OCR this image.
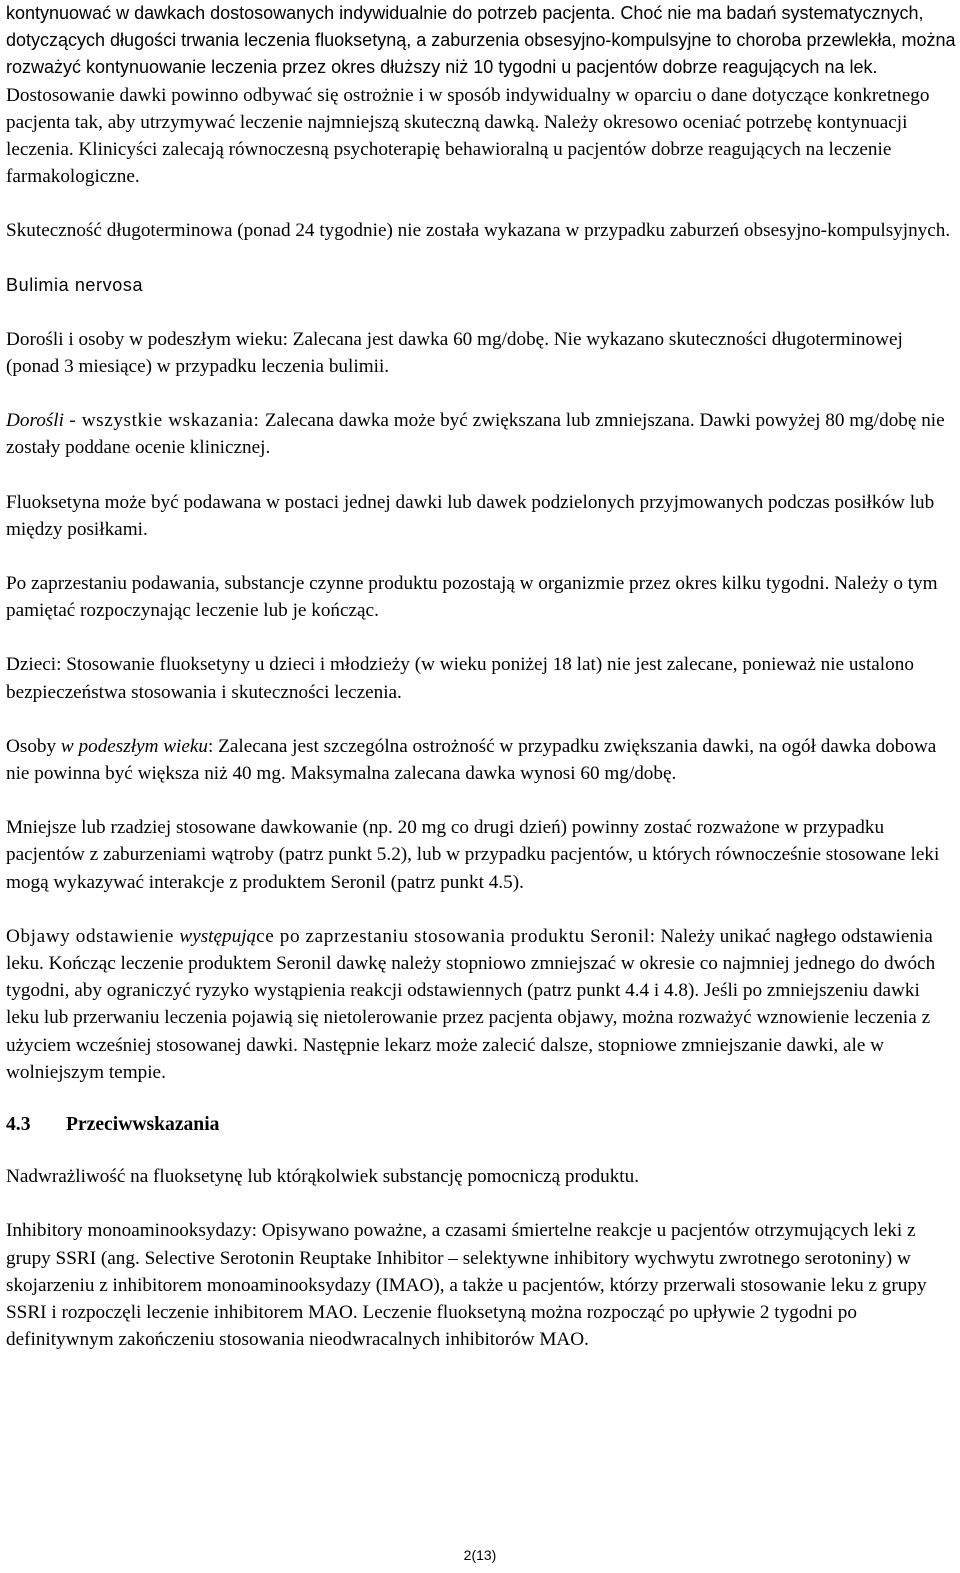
kontynuować w dawkach dostosowanych indywidualnie do potrzeb pacjenta. Choć nie ma badań systematycznych, dotyczących długości trwania leczenia fluoksetyną, a zaburzenia obsesyjno-kompulsyjne to choroba przewlekła, można rozważyć kontynuowanie leczenia przez okres dłuższy niż 10 tygodni u pacjentów dobrze reagujących na lek. Dostosowanie dawki powinno odbywać się ostrożnie i w sposób indywidualny w oparciu o dane dotyczące konkretnego pacjenta tak, aby utrzymywać leczenie najmniejszą skuteczną dawką. Należy okresowo oceniać potrzebę kontynuacji leczenia. Klinicyści zalecają równoczesną psychoterapię behawioralną u pacjentów dobrze reagujących na leczenie farmakologiczne.

Skuteczność długoterminowa (ponad 24 tygodnie) nie została wykazana w przypadku zaburzeń obsesyjno-kompulsyjnych.

Bulimia nervosa

Dorośli i osoby w podeszłym wieku: Zalecana jest dawka 60 mg/dobę. Nie wykazano skuteczności długoterminowej (ponad 3 miesiące) w przypadku leczenia bulimii.

Dorośli - wszystkie wskazania: Zalecana dawka może być zwiększana lub zmniejszana. Dawki powyżej 80 mg/dobę nie zostały poddane ocenie klinicznej.

Fluoksetyna może być podawana w postaci jednej dawki lub dawek podzielonych przyjmowanych podczas posiłków lub między posiłkami.

Po zaprzestaniu podawania, substancje czynne produktu pozostają w organizmie przez okres kilku tygodni. Należy o tym pamiętać rozpoczynając leczenie lub je kończąc.

Dzieci: Stosowanie fluoksetyny u dzieci i młodzieży (w wieku poniżej 18 lat) nie jest zalecane, ponieważ nie ustalono bezpieczeństwa stosowania i skuteczności leczenia.

Osoby w podeszłym wieku: Zalecana jest szczególna ostrożność w przypadku zwiększania dawki, na ogół dawka dobowa nie powinna być większa niż 40 mg. Maksymalna zalecana dawka wynosi 60 mg/dobę.

Mniejsze lub rzadziej stosowane dawkowanie (np. 20 mg co drugi dzień) powinny zostać rozważone w przypadku pacjentów z zaburzeniami wątroby (patrz punkt 5.2), lub w przypadku pacjentów, u których równocześnie stosowane leki mogą wykazywać interakcje z produktem Seronil (patrz punkt 4.5).

Objawy odstawienie występujące po zaprzestaniu stosowania produktu Seronil: Należy unikać nagłego odstawienia leku. Kończąc leczenie produktem Seronil dawkę należy stopniowo zmniejszać w okresie co najmniej jednego do dwóch tygodni, aby ograniczyć ryzyko wystąpienia reakcji odstawiennych (patrz punkt 4.4 i 4.8). Jeśli po zmniejszeniu dawki leku lub przerwaniu leczenia pojawią się nietolerowanie przez pacjenta objawy, można rozważyć wznowienie leczenia z użyciem wcześniej stosowanej dawki. Następnie lekarz może zalecić dalsze, stopniowe zmniejszanie dawki, ale w wolniejszym tempie.

4.3 Przeciwwskazania

Nadwrażliwość na fluoksetynę lub którąkolwiek substancję pomocniczą produktu.

Inhibitory monoaminooksydazy: Opisywano poważne, a czasami śmiertelne reakcje u pacjentów otrzymujących leki z grupy SSRI (ang. Selective Serotonin Reuptake Inhibitor – selektywne inhibitory wychwytu zwrotnego serotoniny) w skojarzeniu z inhibitorem monoaminooksydazy (IMAO), a także u pacjentów, którzy przerwali stosowanie leku z grupy SSRI i rozpoczęli leczenie inhibitorem MAO. Leczenie fluoksetyną można rozpocząć po upływie 2 tygodni po definitywnym zakończeniu stosowania nieodwracalnych inhibitorów MAO.

2(13)
